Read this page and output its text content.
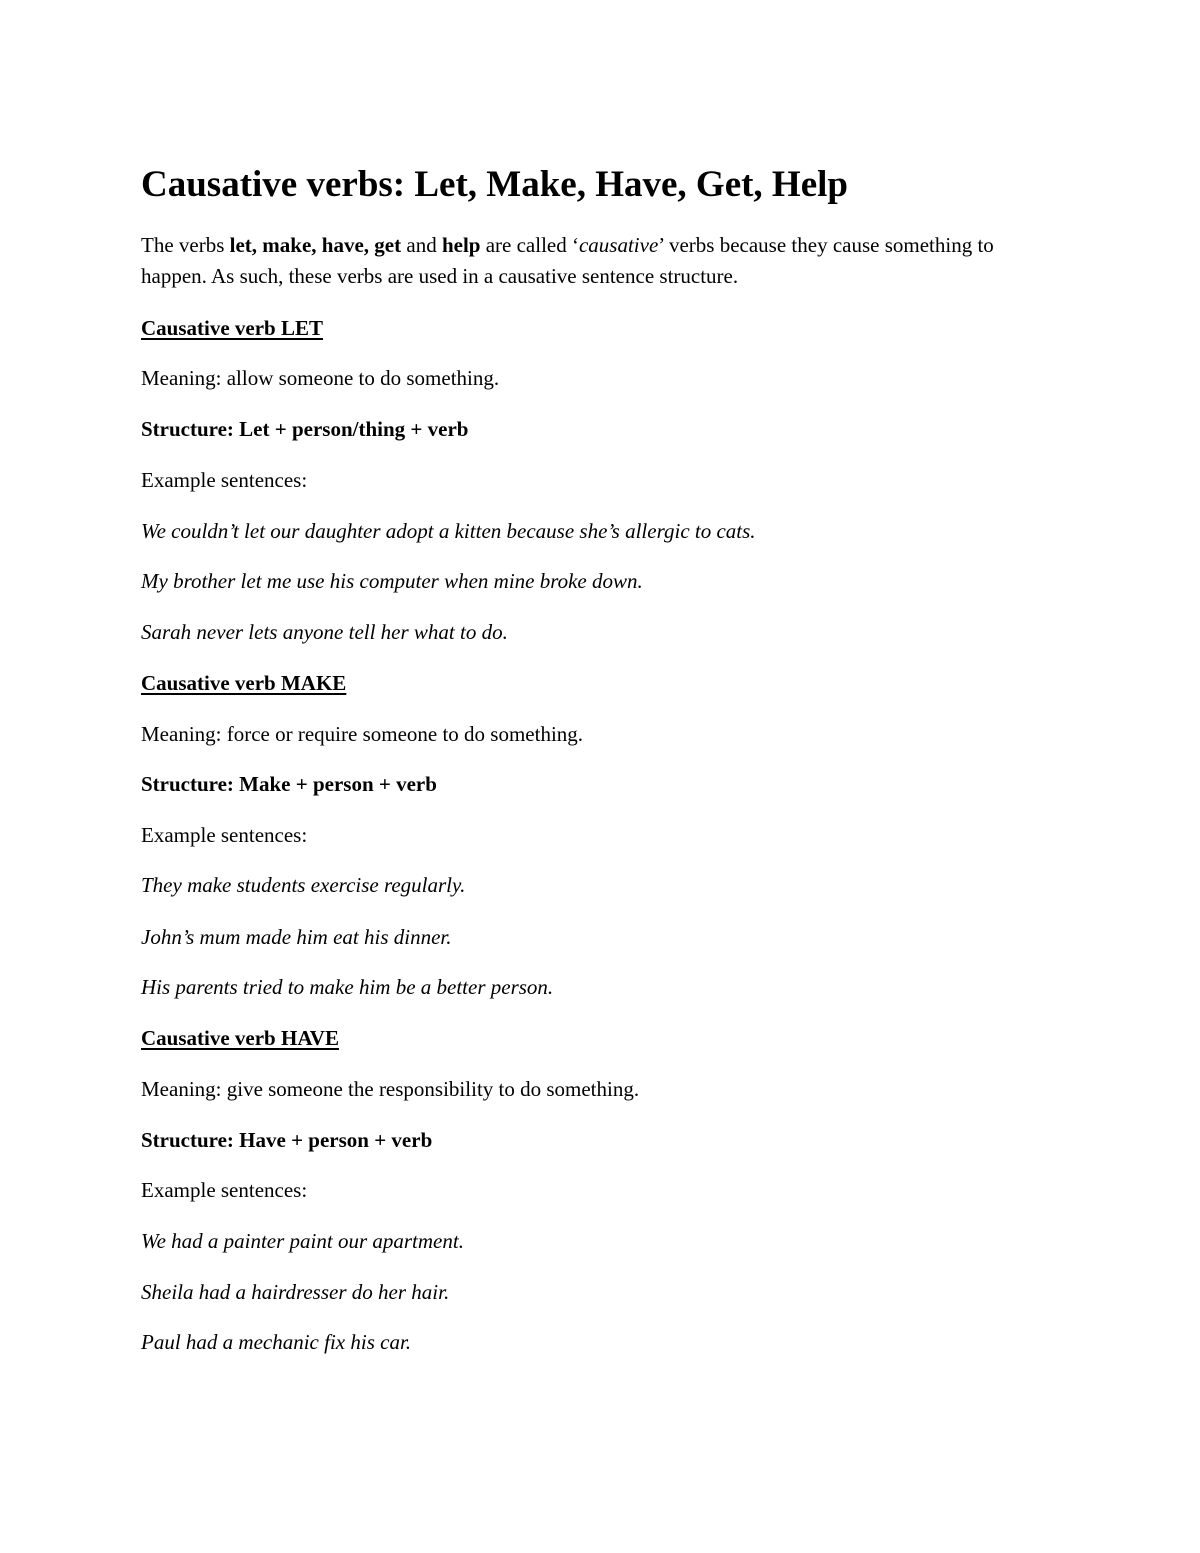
Causative verbs: Let, Make, Have, Get, Help

The verbs let, make, have, get and help are called ‘causative’ verbs because they cause something to happen. As such, these verbs are used in a causative sentence structure.

Causative verb LET

Meaning: allow someone to do something.

Structure: Let + person/thing + verb

Example sentences:

We couldn’t let our daughter adopt a kitten because she’s allergic to cats.

My brother let me use his computer when mine broke down.

Sarah never lets anyone tell her what to do.

Causative verb MAKE

Meaning: force or require someone to do something.

Structure: Make + person + verb

Example sentences:

They make students exercise regularly.

John’s mum made him eat his dinner.

His parents tried to make him be a better person.

Causative verb HAVE

Meaning: give someone the responsibility to do something.

Structure: Have + person + verb

Example sentences:

We had a painter paint our apartment.

Sheila had a hairdresser do her hair.

Paul had a mechanic fix his car.
